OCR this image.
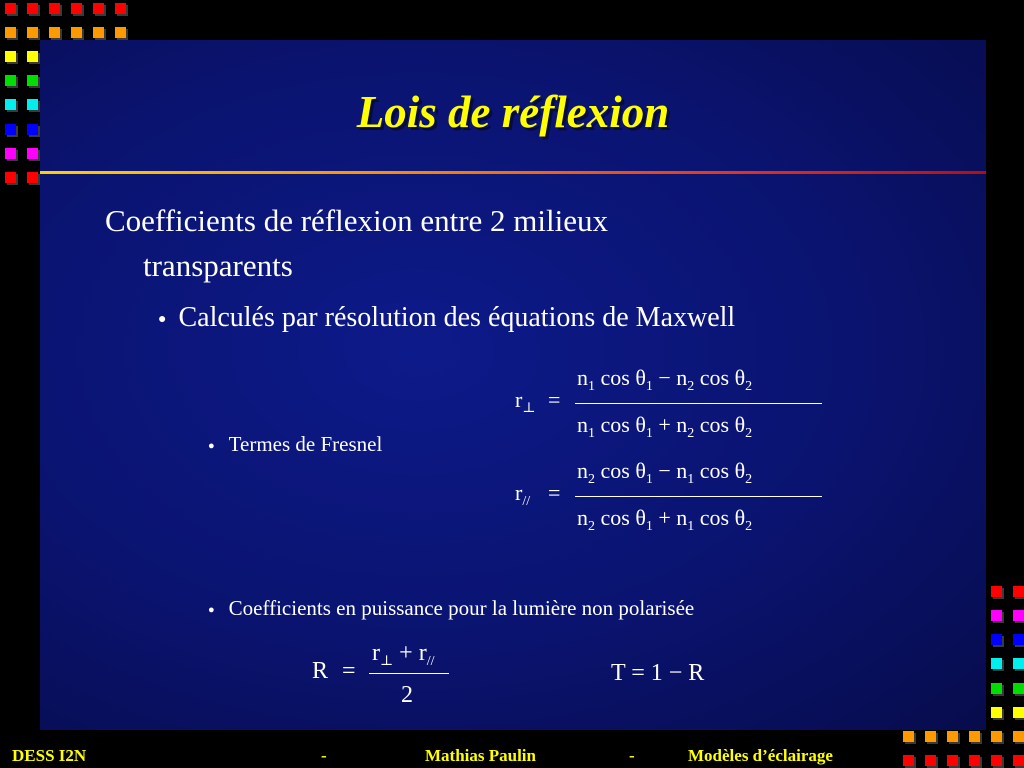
Lois de réflexion
Coefficients de réflexion entre 2 milieux
transparents
● Calculés par résolution des équations de Maxwell
● Termes de Fresnel
$r_\perp$ =
$n_1$ $\cos \theta_1 - n_2$ $\cos \theta_2$
$n_1$ $\cos \theta_1 + n_2$ $\cos \theta_2$
$r_{//}$ =
$n_2$ $\cos \theta_1 - n_1$ $\cos \theta_2$
$n_2$ $\cos \theta_1 + n_1$ $\cos \theta_2$
● Coefficients en puissance pour la lumière non polarisée
R =
$r_\perp + r_{//}$
2
T = 1 − R
DESS I2N	-	Mathias Paulin	-	Modèles d’éclairage
